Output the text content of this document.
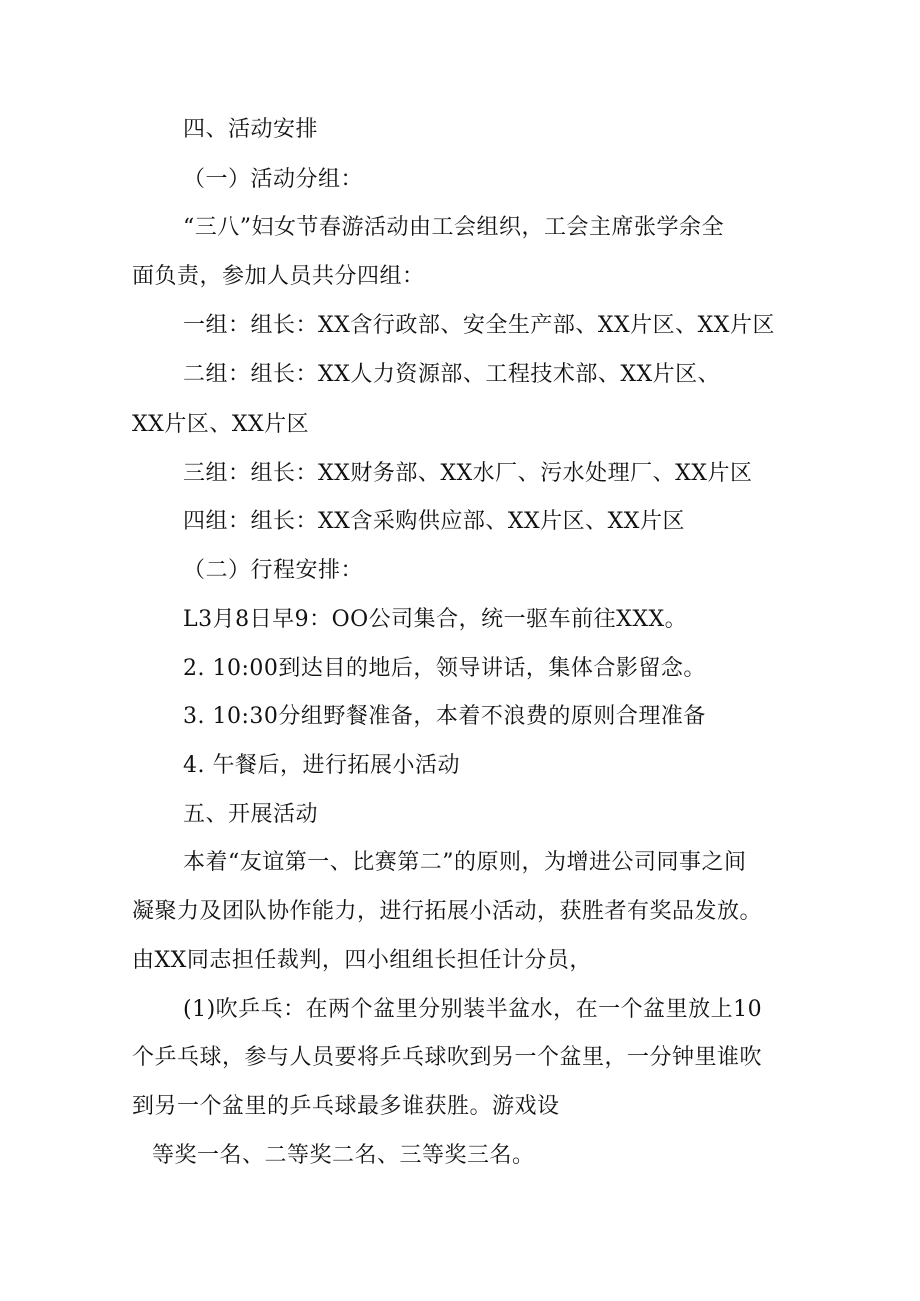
四、活动安排
（一）活动分组：
“三八”妇女节春游活动由工会组织，工会主席张学余全
面负责，参加人员共分四组：
一组：组长：XX含行政部、安全生产部、XX片区、XX片区
二组：组长：XX人力资源部、工程技术部、XX片区、
XX片区、XX片区
三组：组长：XX财务部、XX水厂、污水处理厂、XX片区
四组：组长：XX含采购供应部、XX片区、XX片区
（二）行程安排：
L3月8日早9：OO公司集合，统一驱车前往XXX。
2. 10:00到达目的地后，领导讲话，集体合影留念。
3. 10:30分组野餐准备，本着不浪费的原则合理准备
4. 午餐后，进行拓展小活动
五、开展活动
本着“友谊第一、比赛第二”的原则，为增进公司同事之间
凝聚力及团队协作能力，进行拓展小活动，获胜者有奖品发放。
由XX同志担任裁判，四小组组长担任计分员，
(1)吹乒乓：在两个盆里分别装半盆水，在一个盆里放上10
个乒乓球，参与人员要将乒乓球吹到另一个盆里，一分钟里谁吹
到另一个盆里的乒乓球最多谁获胜。游戏设
等奖一名、二等奖二名、三等奖三名。
